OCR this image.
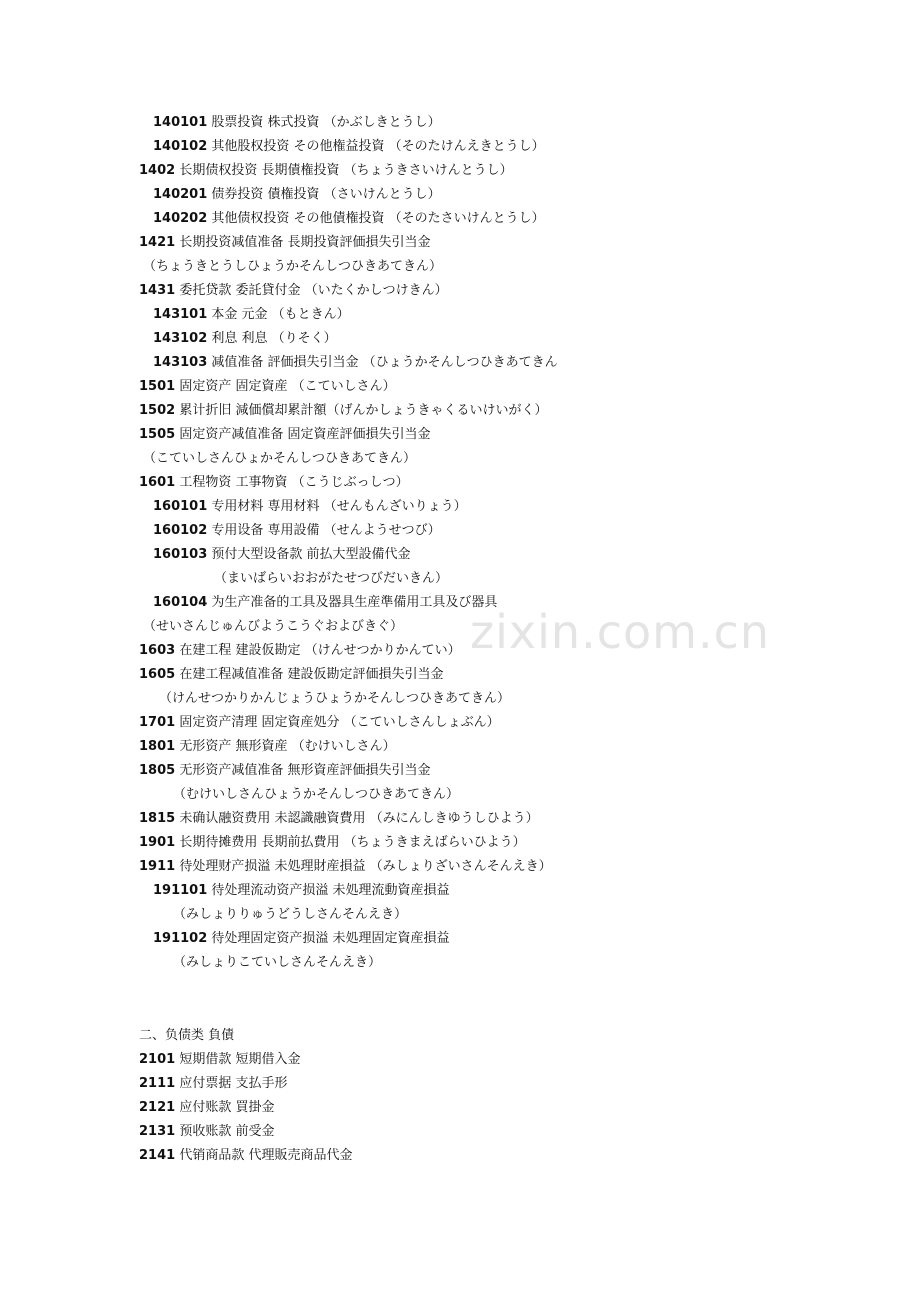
zixin.com.cn
140101 股票投資 株式投資 （かぶしきとうし）
140102 其他股权投资 その他権益投資 （そのたけんえきとうし）
1402 长期债权投资 長期債権投資 （ちょうきさいけんとうし）
140201 债券投资 債権投資 （さいけんとうし）
140202 其他债权投资 その他債権投資 （そのたさいけんとうし）
1421 长期投资减值准备 長期投資評価損失引当金
（ちょうきとうしひょうかそんしつひきあてきん）
1431 委托贷款 委託貸付金 （いたくかしつけきん）
143101 本金 元金 （もときん）
143102 利息 利息 （りそく）
143103 减值准备 評価損失引当金 （ひょうかそんしつひきあてきん
1501 固定资产 固定資産 （こていしさん）
1502 累计折旧 減価償却累計額（げんかしょうきゃくるいけいがく）
1505 固定资产减值准备 固定資産評価損失引当金
（こていしさんひょかそんしつひきあてきん）
1601 工程物资 工事物資 （こうじぶっしつ）
160101 专用材料 専用材料 （せんもんざいりょう）
160102 专用设备 専用設備 （せんようせつび）
160103 预付大型设备款 前払大型設備代金
（まいばらいおおがたせつびだいきん）
160104 为生产准备的工具及器具生産準備用工具及び器具
（せいさんじゅんびようこうぐおよびきぐ）
1603 在建工程 建設仮勘定 （けんせつかりかんてい）
1605 在建工程减值准备 建設仮勘定評価損失引当金
（けんせつかりかんじょうひょうかそんしつひきあてきん）
1701 固定资产清理 固定資産処分 （こていしさんしょぶん）
1801 无形资产 無形資産 （むけいしさん）
1805 无形资产减值准备 無形資産評価損失引当金
（むけいしさんひょうかそんしつひきあてきん）
1815 未确认融资费用 未認識融資費用 （みにんしきゆうしひよう）
1901 长期待摊费用 長期前払費用 （ちょうきまえばらいひよう）
1911 待处理财产损溢 未処理財産損益 （みしょりざいさんそんえき）
191101 待处理流动资产损溢 未処理流動資産損益
（みしょりりゅうどうしさんそんえき）
191102 待处理固定资产损溢 未処理固定資産損益
（みしょりこていしさんそんえき）
二、负债类 負債
2101 短期借款 短期借入金
2111 应付票据 支払手形
2121 应付账款 買掛金
2131 预收账款 前受金
2141 代销商品款 代理販売商品代金
